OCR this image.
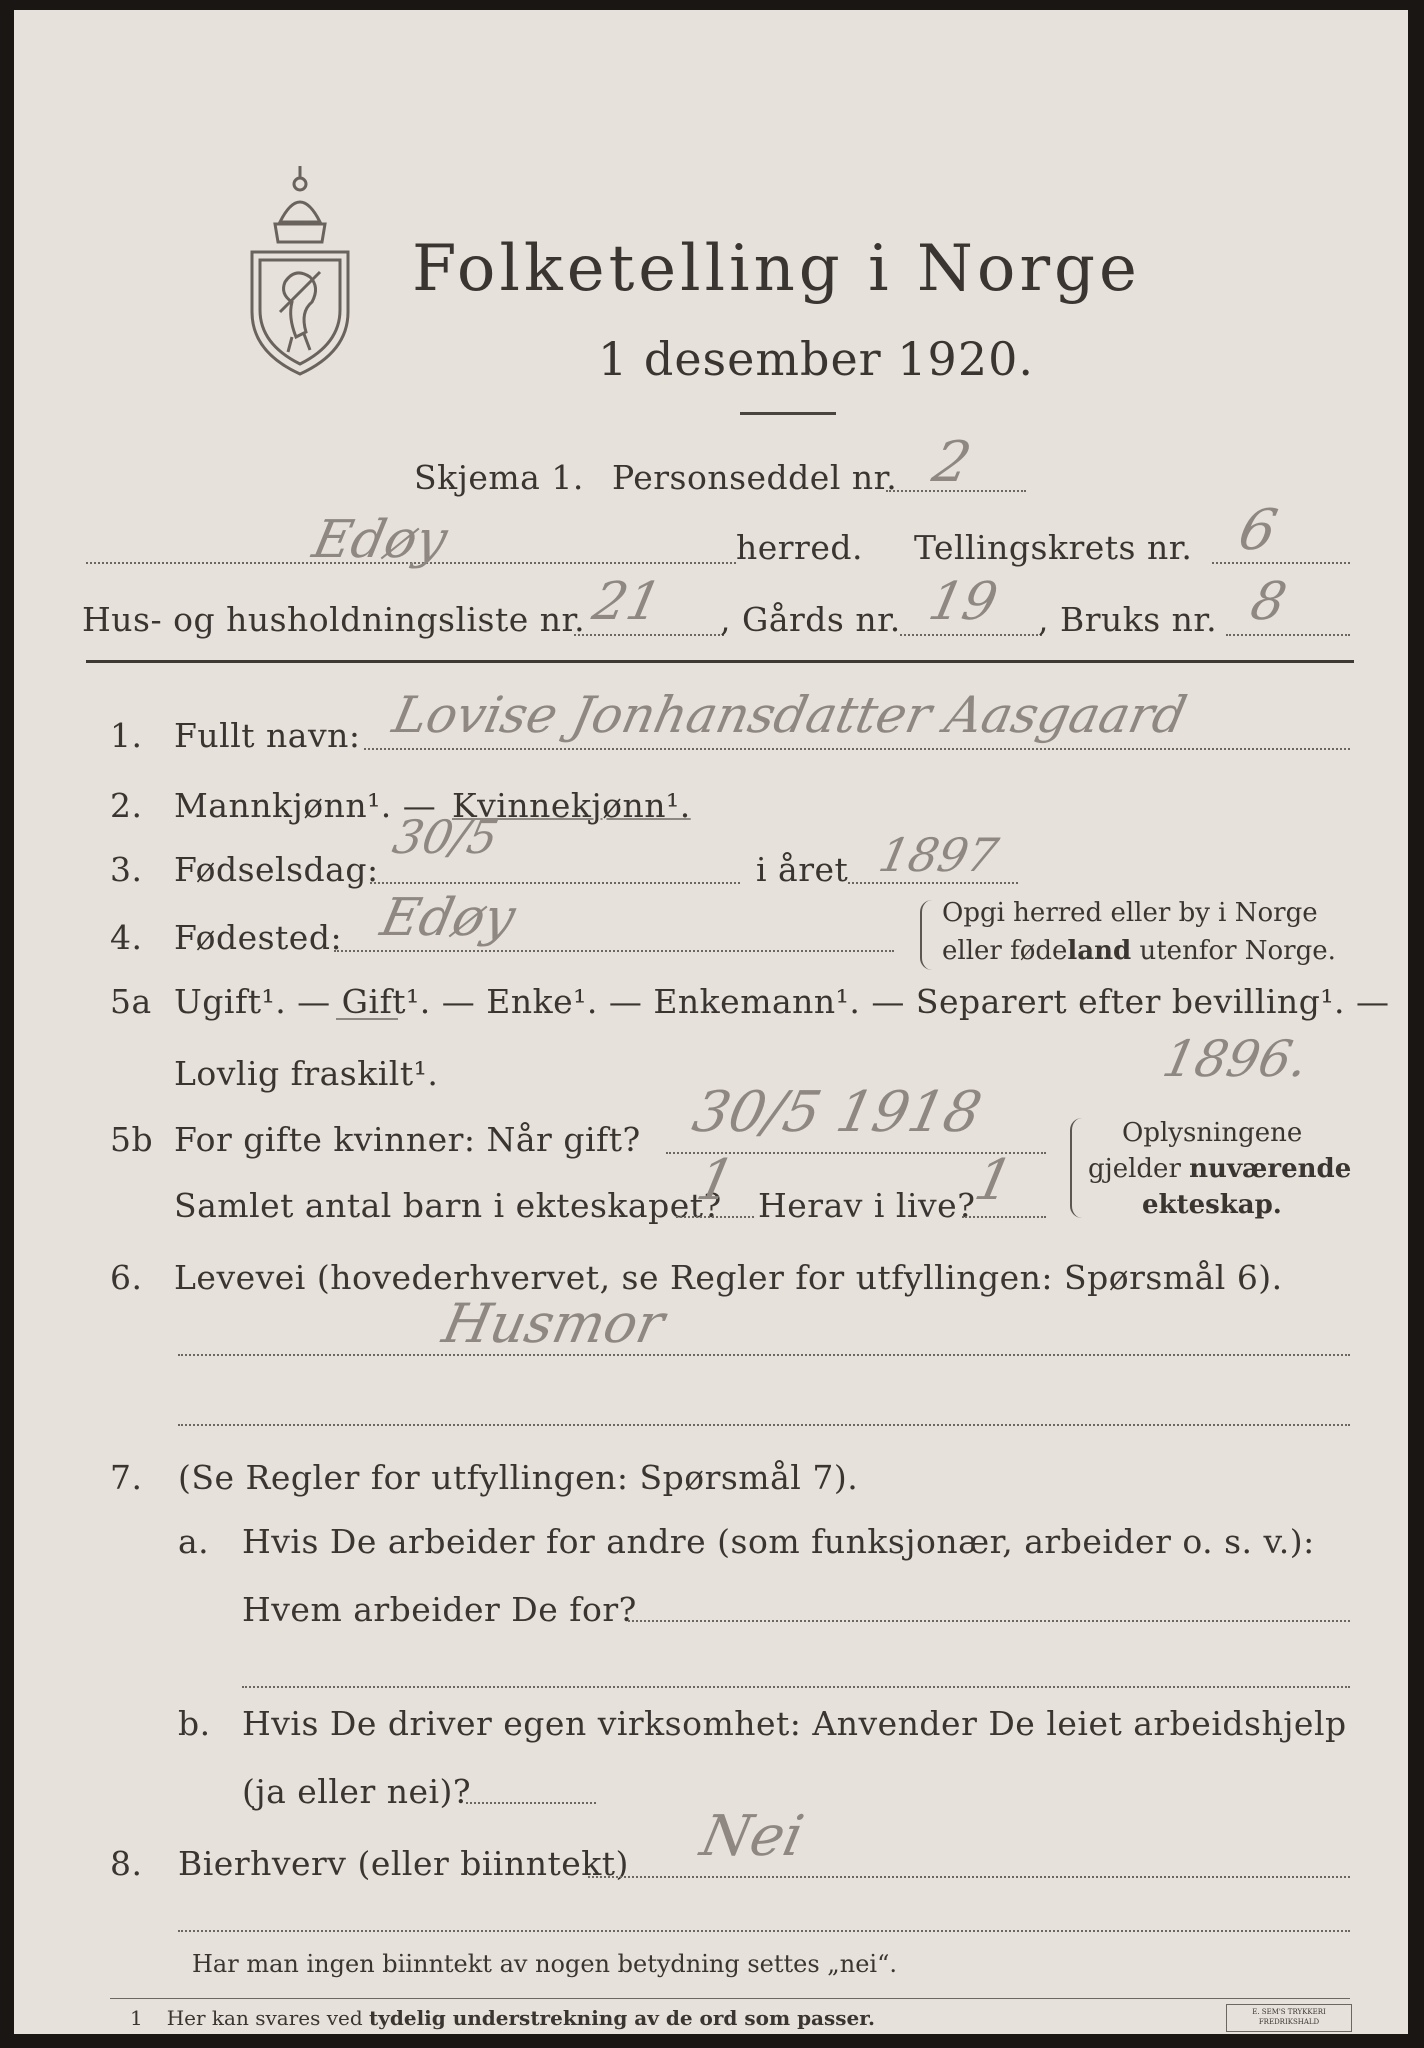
Folketelling i Norge
1 desember 1920.
Skjema 1. Personseddel nr. 2
Edøy	herred. Tellingskrets nr. 6
Hus- og husholdningsliste nr. 21 , Gårds nr. 19 , Bruks nr. 8
1. Fullt navn: Lovise Jonhansdatter Aasgaard
2. Mannkjønn¹. — Kvinnekjønn¹.
3. Fødselsdag:
30/5
i året 1897
4. Fødested: Edøy	Opgi herred eller by i Norge
eller fødeland utenfor Norge.
5a Ugift¹. — Gift¹. — Enke¹. — Enkemann¹. — Separert efter bevilling¹. —
Lovlig fraskilt¹.	1896.
5b For gifte kvinner: Når gift? 30/5 1918
Samlet antal barn i ekteskapet?
1 Herav i live?
1
Oplysningene
gjelder nuværende
ekteskap.
6. Levevei (hovederhvervet, se Regler for utfyllingen: Spørsmål 6).
Husmor
7. (Se Regler for utfyllingen: Spørsmål 7).
a. Hvis De arbeider for andre (som funksjonær, arbeider o. s. v.):
Hvem arbeider De for?
b. Hvis De driver egen virksomhet: Anvender De leiet arbeidshjelp
(ja eller nei)?
8. Bierhverv (eller biinntekt) Nei
Har man ingen biinntekt av nogen betydning settes „nei“.
1 Her kan svares ved tydelig understrekning av de ord som passer.	E. SEM'S TRYKKERI
FREDRIKSHALD
